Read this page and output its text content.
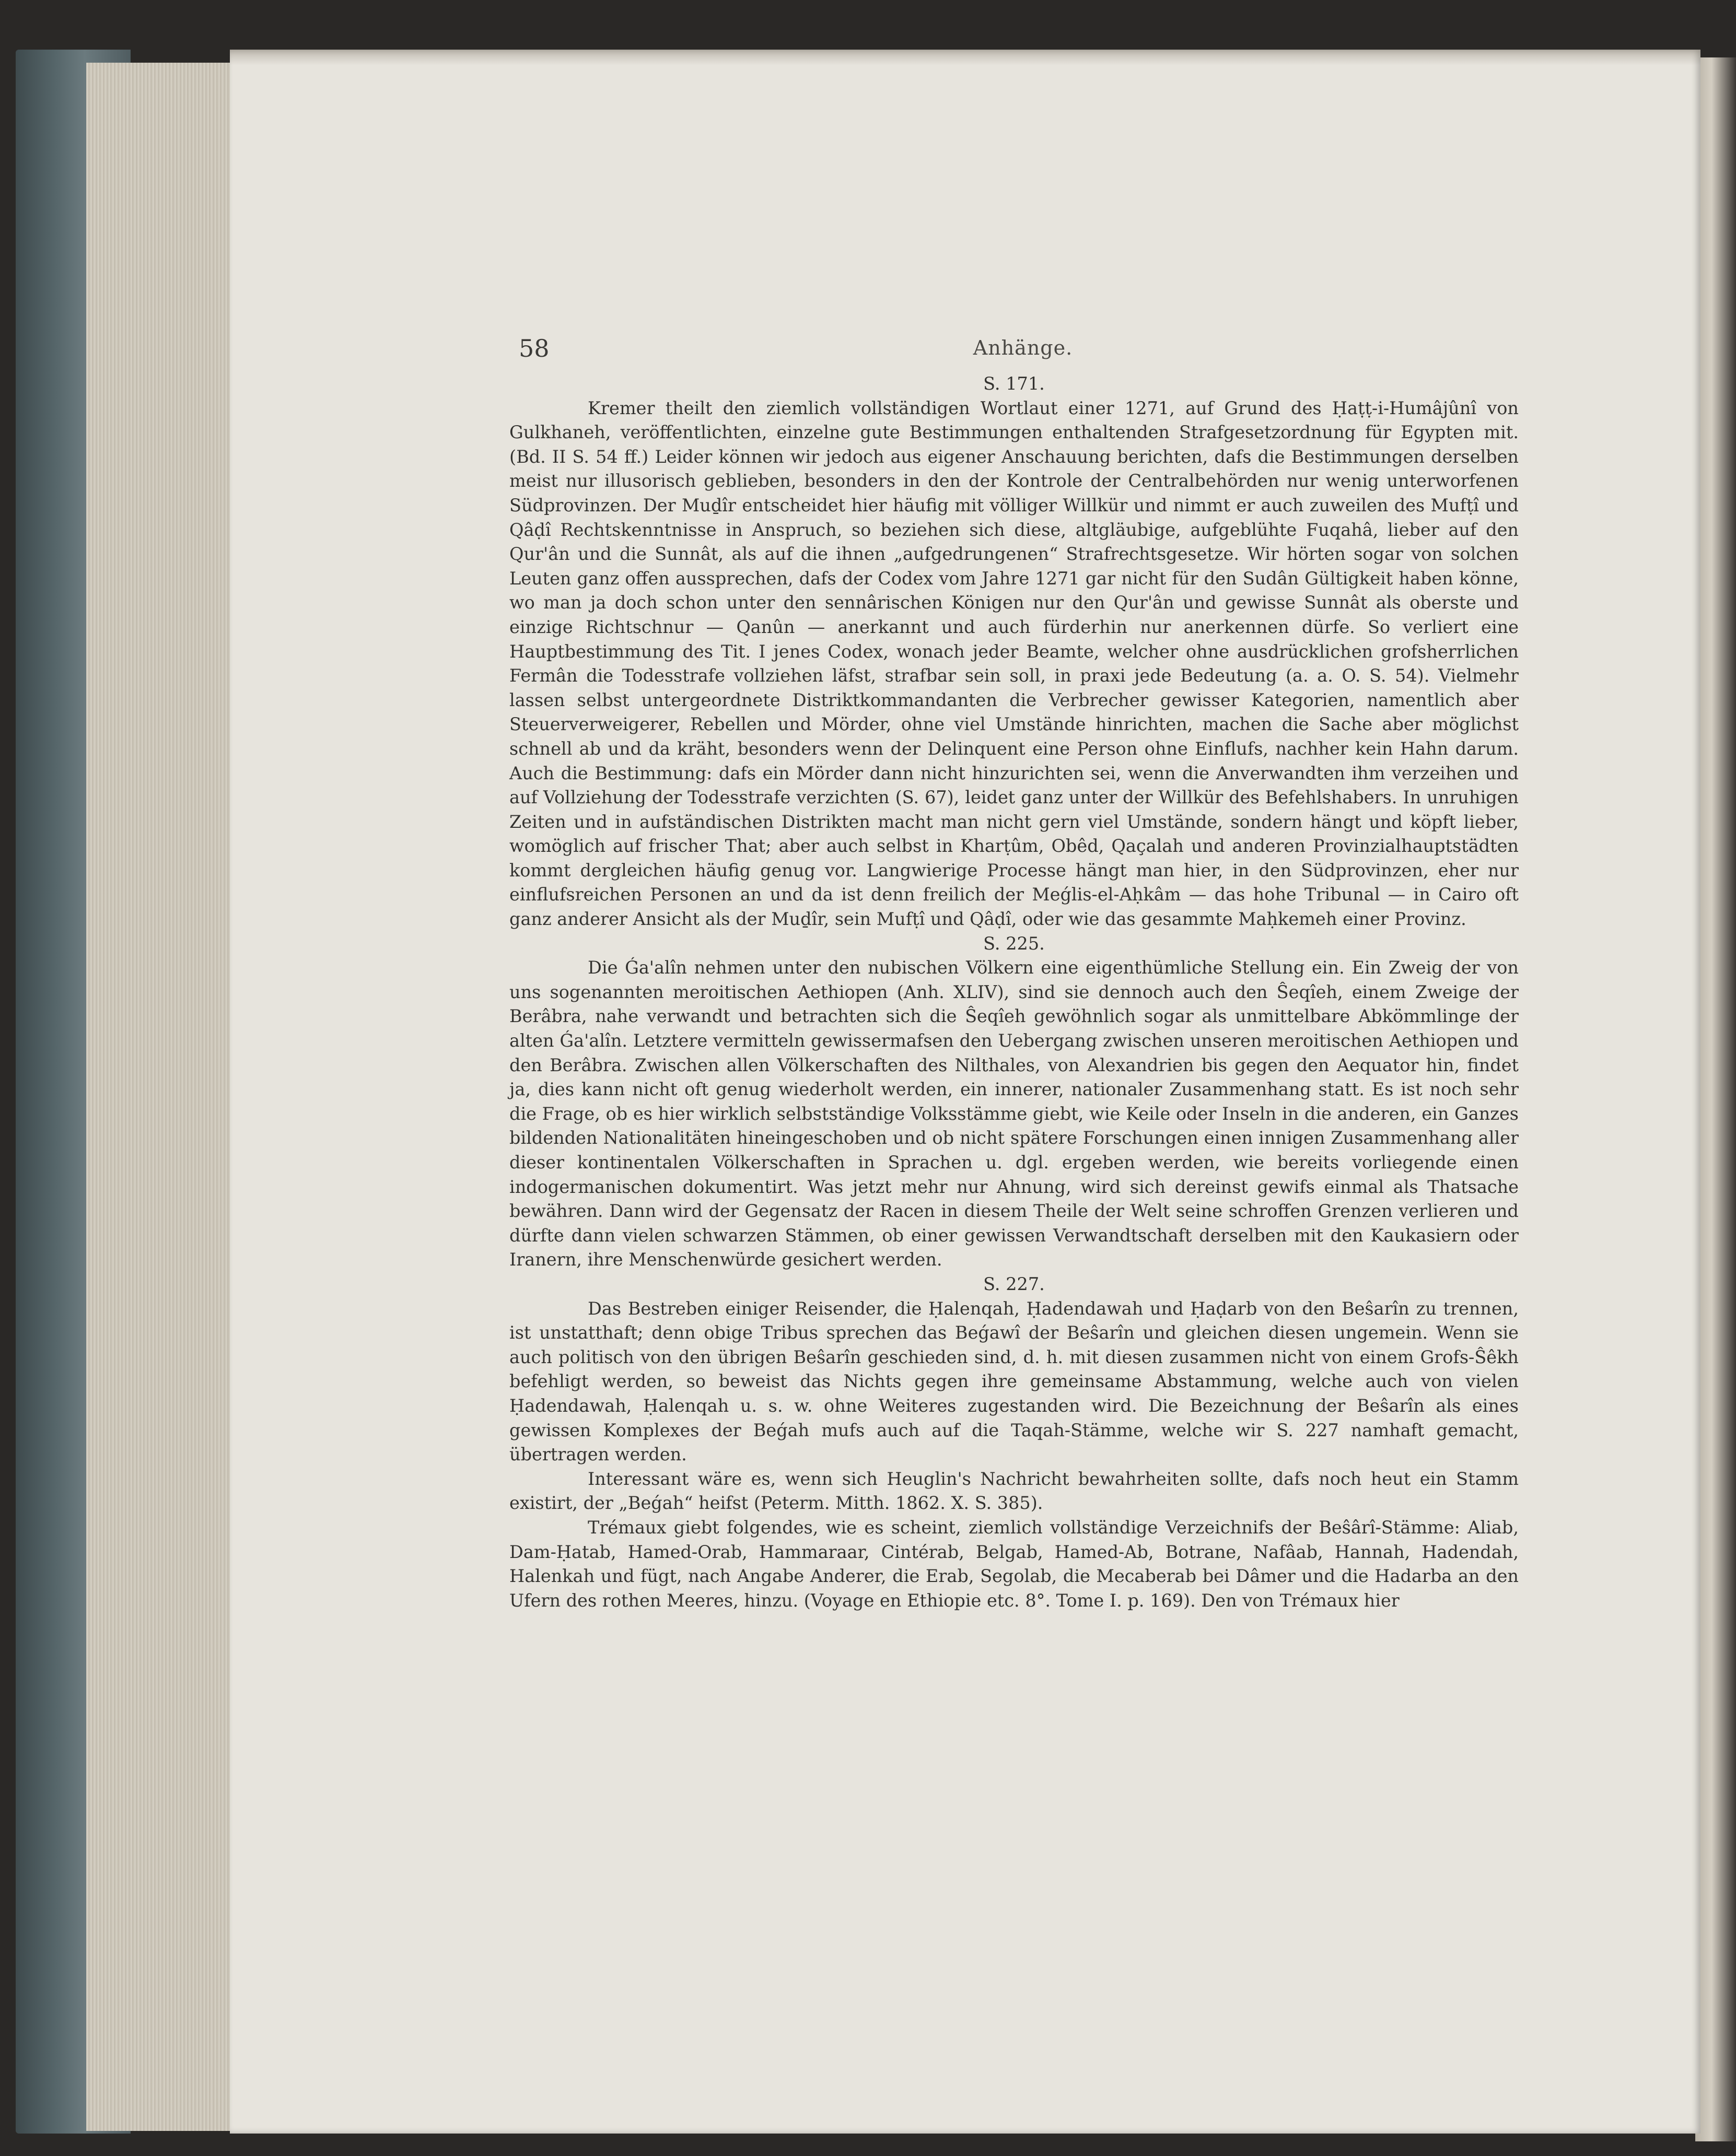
58	Anhänge.

S. 171.

Kremer theilt den ziemlich vollständigen Wortlaut einer 1271, auf Grund des Ḥaṭṭ-i-Humâjûnî von Gulkhaneh, veröffentlichten, einzelne gute Bestimmungen enthaltenden Strafgesetzordnung für Egypten mit. (Bd. II S. 54 ff.) Leider können wir jedoch aus eigener Anschauung berichten, dafs die Bestimmungen derselben meist nur illusorisch geblieben, besonders in den der Kontrole der Centralbehörden nur wenig unterworfenen Südprovinzen. Der Muḏîr entscheidet hier häufig mit völliger Willkür und nimmt er auch zuweilen des Mufṭî und Qâḍî Rechtskenntnisse in Anspruch, so beziehen sich diese, altgläubige, aufgeblühte Fuqahâ, lieber auf den Qur'ân und die Sunnât, als auf die ihnen „aufgedrungenen“ Strafrechtsgesetze. Wir hörten sogar von solchen Leuten ganz offen aussprechen, dafs der Codex vom Jahre 1271 gar nicht für den Sudân Gültigkeit haben könne, wo man ja doch schon unter den sennârischen Königen nur den Qur'ân und gewisse Sunnât als oberste und einzige Richtschnur — Qanûn — anerkannt und auch fürderhin nur anerkennen dürfe. So verliert eine Hauptbestimmung des Tit. I jenes Codex, wonach jeder Beamte, welcher ohne ausdrücklichen grofsherrlichen Fermân die Todesstrafe vollziehen läfst, strafbar sein soll, in praxi jede Bedeutung (a. a. O. S. 54). Vielmehr lassen selbst untergeordnete Distriktkommandanten die Verbrecher gewisser Kategorien, namentlich aber Steuerverweigerer, Rebellen und Mörder, ohne viel Umstände hinrichten, machen die Sache aber möglichst schnell ab und da kräht, besonders wenn der Delinquent eine Person ohne Einflufs, nachher kein Hahn darum. Auch die Bestimmung: dafs ein Mörder dann nicht hinzurichten sei, wenn die Anverwandten ihm verzeihen und auf Vollziehung der Todesstrafe verzichten (S. 67), leidet ganz unter der Willkür des Befehlshabers. In unruhigen Zeiten und in aufständischen Distrikten macht man nicht gern viel Umstände, sondern hängt und köpft lieber, womöglich auf frischer That; aber auch selbst in Kharṭûm, Obêd, Qaçalah und anderen Provinzialhauptstädten kommt dergleichen häufig genug vor. Langwierige Processe hängt man hier, in den Südprovinzen, eher nur einflufsreichen Personen an und da ist denn freilich der Meǵlis-el-Aḥkâm — das hohe Tribunal — in Cairo oft ganz anderer Ansicht als der Muḏîr, sein Mufṭî und Qâḍî, oder wie das gesammte Maḥkemeh einer Provinz.

S. 225.

Die Ǵa'alîn nehmen unter den nubischen Völkern eine eigenthümliche Stellung ein. Ein Zweig der von uns sogenannten meroitischen Aethiopen (Anh. XLIV), sind sie dennoch auch den Ŝeqîeh, einem Zweige der Berâbra, nahe verwandt und betrachten sich die Ŝeqîeh gewöhnlich sogar als unmittelbare Abkömmlinge der alten Ǵa'alîn. Letztere vermitteln gewissermafsen den Uebergang zwischen unseren meroitischen Aethiopen und den Berâbra. Zwischen allen Völkerschaften des Nilthales, von Alexandrien bis gegen den Aequator hin, findet ja, dies kann nicht oft genug wiederholt werden, ein innerer, nationaler Zusammenhang statt. Es ist noch sehr die Frage, ob es hier wirklich selbstständige Volksstämme giebt, wie Keile oder Inseln in die anderen, ein Ganzes bildenden Nationalitäten hineingeschoben und ob nicht spätere Forschungen einen innigen Zusammenhang aller dieser kontinentalen Völkerschaften in Sprachen u. dgl. ergeben werden, wie bereits vorliegende einen indogermanischen dokumentirt. Was jetzt mehr nur Ahnung, wird sich dereinst gewifs einmal als Thatsache bewähren. Dann wird der Gegensatz der Racen in diesem Theile der Welt seine schroffen Grenzen verlieren und dürfte dann vielen schwarzen Stämmen, ob einer gewissen Verwandtschaft derselben mit den Kaukasiern oder Iranern, ihre Menschenwürde gesichert werden.

S. 227.

Das Bestreben einiger Reisender, die Ḥalenqah, Ḥadendawah und Ḥaḍarb von den Beŝarîn zu trennen, ist unstatthaft; denn obige Tribus sprechen das Beǵawî der Beŝarîn und gleichen diesen ungemein. Wenn sie auch politisch von den übrigen Beŝarîn geschieden sind, d. h. mit diesen zusammen nicht von einem Grofs-Ŝêkh befehligt werden, so beweist das Nichts gegen ihre gemeinsame Abstammung, welche auch von vielen Ḥadendawah, Ḥalenqah u. s. w. ohne Weiteres zugestanden wird. Die Bezeichnung der Beŝarîn als eines gewissen Komplexes der Beǵah mufs auch auf die Taqah-Stämme, welche wir S. 227 namhaft gemacht, übertragen werden.

Interessant wäre es, wenn sich Heuglin's Nachricht bewahrheiten sollte, dafs noch heut ein Stamm existirt, der „Beǵah“ heifst (Peterm. Mitth. 1862. X. S. 385).

Trémaux giebt folgendes, wie es scheint, ziemlich vollständige Verzeichnifs der Beŝârî-Stämme: Aliab, Dam-Ḥatab, Hamed-Orab, Hammaraar, Cintérab, Belgab, Hamed-Ab, Botrane, Nafâab, Hannah, Hadendah, Halenkah und fügt, nach Angabe Anderer, die Erab, Segolab, die Mecaberab bei Dâmer und die Hadarba an den Ufern des rothen Meeres, hinzu. (Voyage en Ethiopie etc. 8°. Tome I. p. 169). Den von Trémaux hier
